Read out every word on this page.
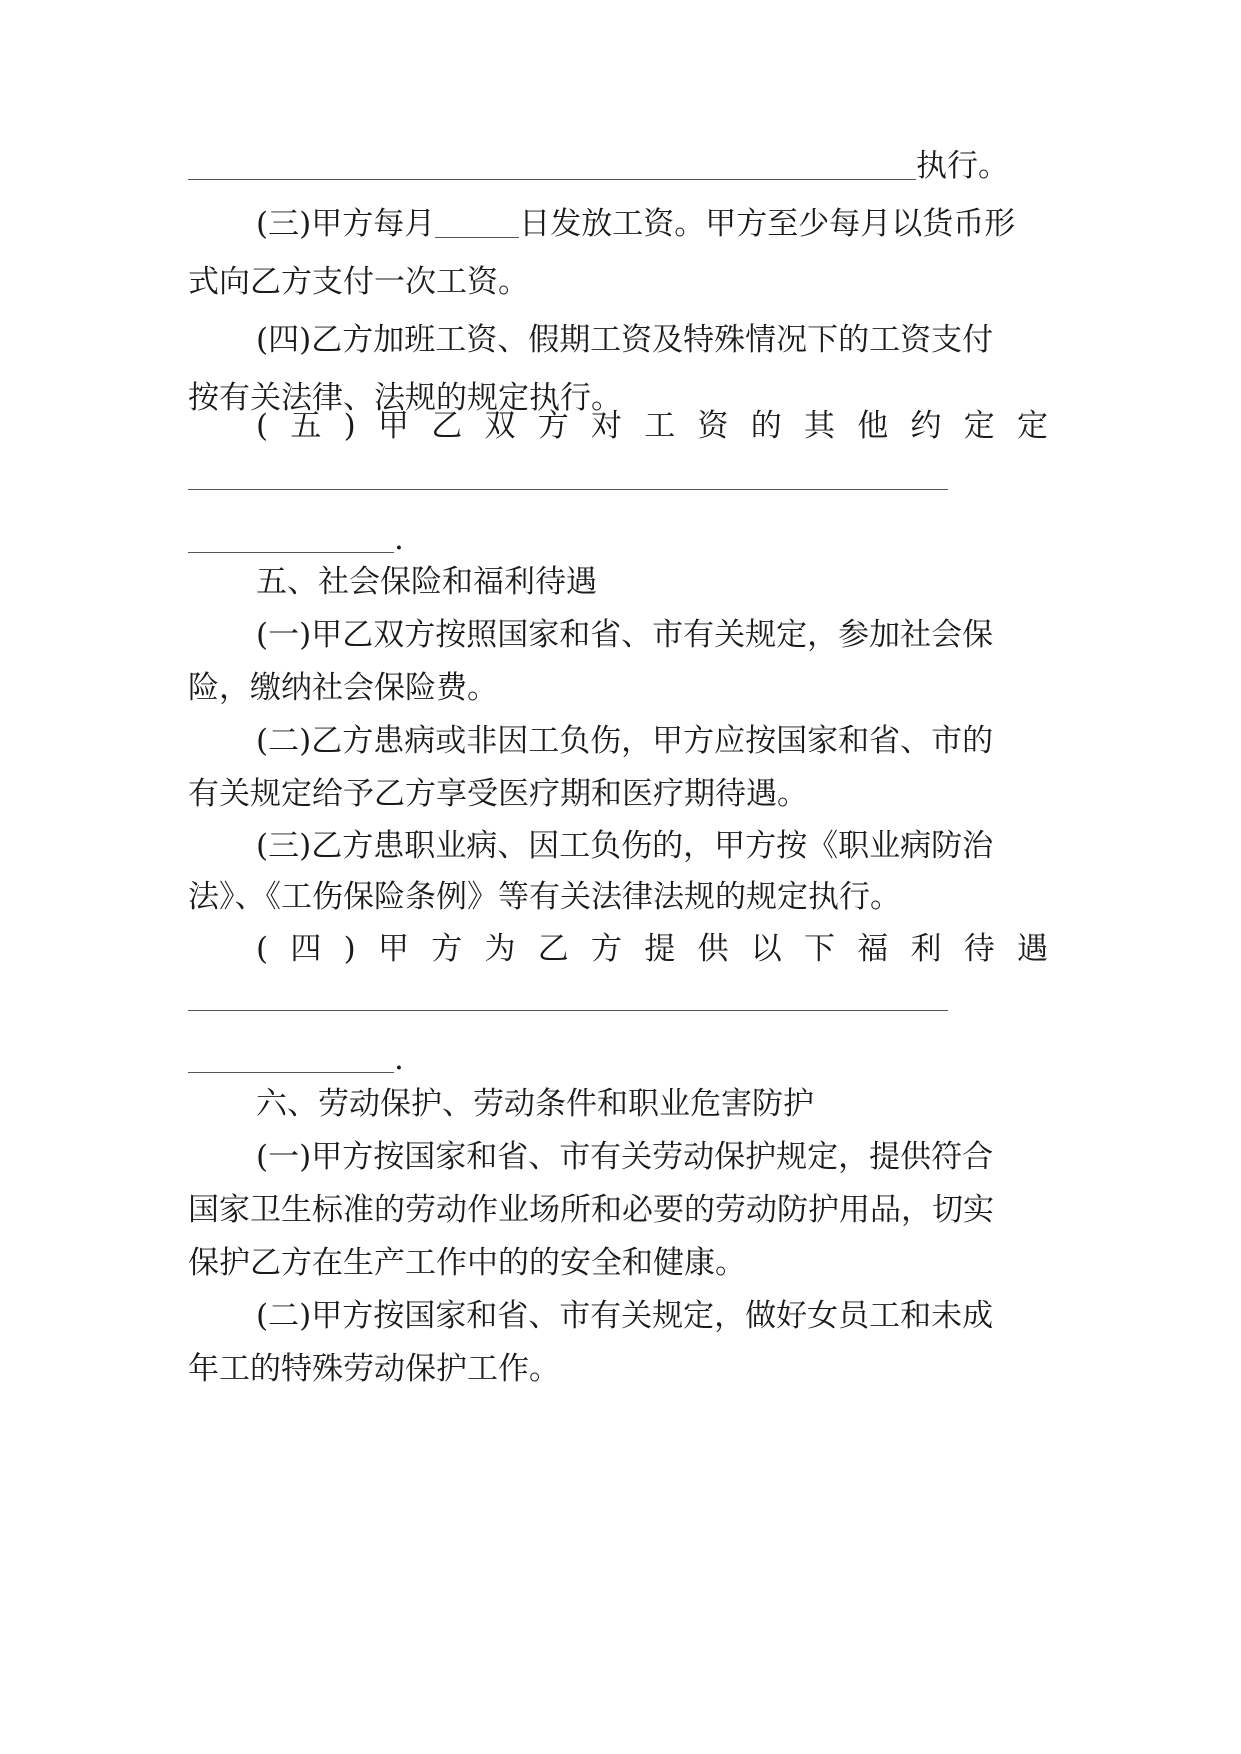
执行。
(三)甲方每月	日发放工资。甲方至少每月以货币形
式向乙方支付一次工资。
(四)乙方加班工资、假期工资及特殊情况下的工资支付
按有关法律、法规的规定执行。
( 五 ) 甲 乙 双 方 对 工 资 的 其 他 约 定 定
.
五、社会保险和福利待遇
(一)甲乙双方按照国家和省、市有关规定，参加社会保
险，缴纳社会保险费。
(二)乙方患病或非因工负伤，甲方应按国家和省、市的
有关规定给予乙方享受医疗期和医疗期待遇。
(三)乙方患职业病、因工负伤的，甲方按《职业病防治
法》、《工伤保险条例》等有关法律法规的规定执行。
( 四 ) 甲 方 为 乙 方 提 供 以 下 福 利 待 遇
.
六、劳动保护、劳动条件和职业危害防护
(一)甲方按国家和省、市有关劳动保护规定，提供符合
国家卫生标准的劳动作业场所和必要的劳动防护用品，切实
保护乙方在生产工作中的的安全和健康。
(二)甲方按国家和省、市有关规定，做好女员工和未成
年工的特殊劳动保护工作。
